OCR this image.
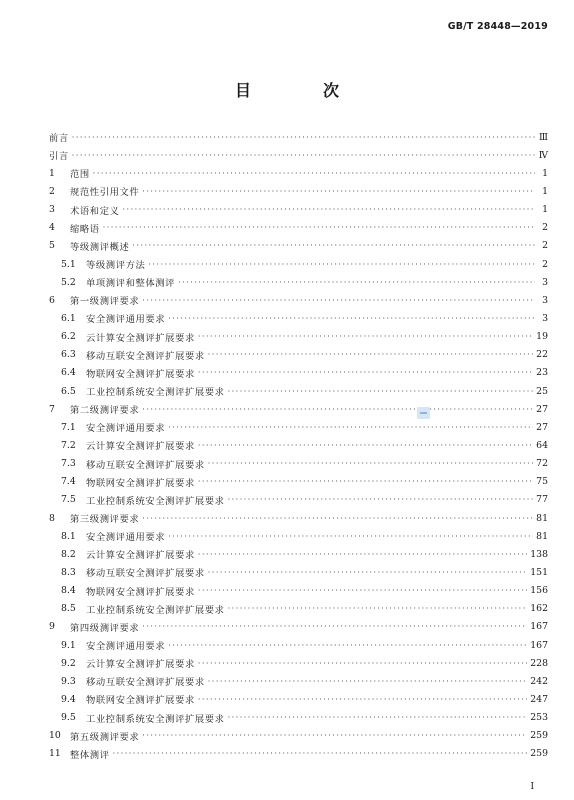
GB/T 28448—2019
目　次
前言 ·····	Ⅲ
引言 ·····	Ⅳ
1	范围 ·····	1
2	规范性引用文件 ·····	1
3	术语和定义 ·····	1
4	缩略语 ·····	2
5	等级测评概述 ·····	2
5.1	等级测评方法 ·····	2
5.2	单项测评和整体测评 ·····	3
6	第一级测评要求 ·····	3
6.1	安全测评通用要求 ·····	3
6.2	云计算安全测评扩展要求 ·····	19
6.3	移动互联安全测评扩展要求 ·····	22
6.4	物联网安全测评扩展要求 ·····	23
6.5	工业控制系统安全测评扩展要求 ·····	25
7	第二级测评要求 ·····	27
7.1	安全测评通用要求 ·····	27
7.2	云计算安全测评扩展要求 ·····	64
7.3	移动互联安全测评扩展要求 ·····	72
7.4	物联网安全测评扩展要求 ·····	75
7.5	工业控制系统安全测评扩展要求 ·····	77
8	第三级测评要求 ·····	81
8.1	安全测评通用要求 ·····	81
8.2	云计算安全测评扩展要求 ·····	138
8.3	移动互联安全测评扩展要求 ·····	151
8.4	物联网安全测评扩展要求 ·····	156
8.5	工业控制系统安全测评扩展要求 ·····	162
9	第四级测评要求 ·····	167
9.1	安全测评通用要求 ·····	167
9.2	云计算安全测评扩展要求 ·····	228
9.3	移动互联安全测评扩展要求 ·····	242
9.4	物联网安全测评扩展要求 ·····	247
9.5	工业控制系统安全测评扩展要求 ·····	253
10 第五级测评要求 ·····	259
11 整体测评 ·····	259
Ⅰ
